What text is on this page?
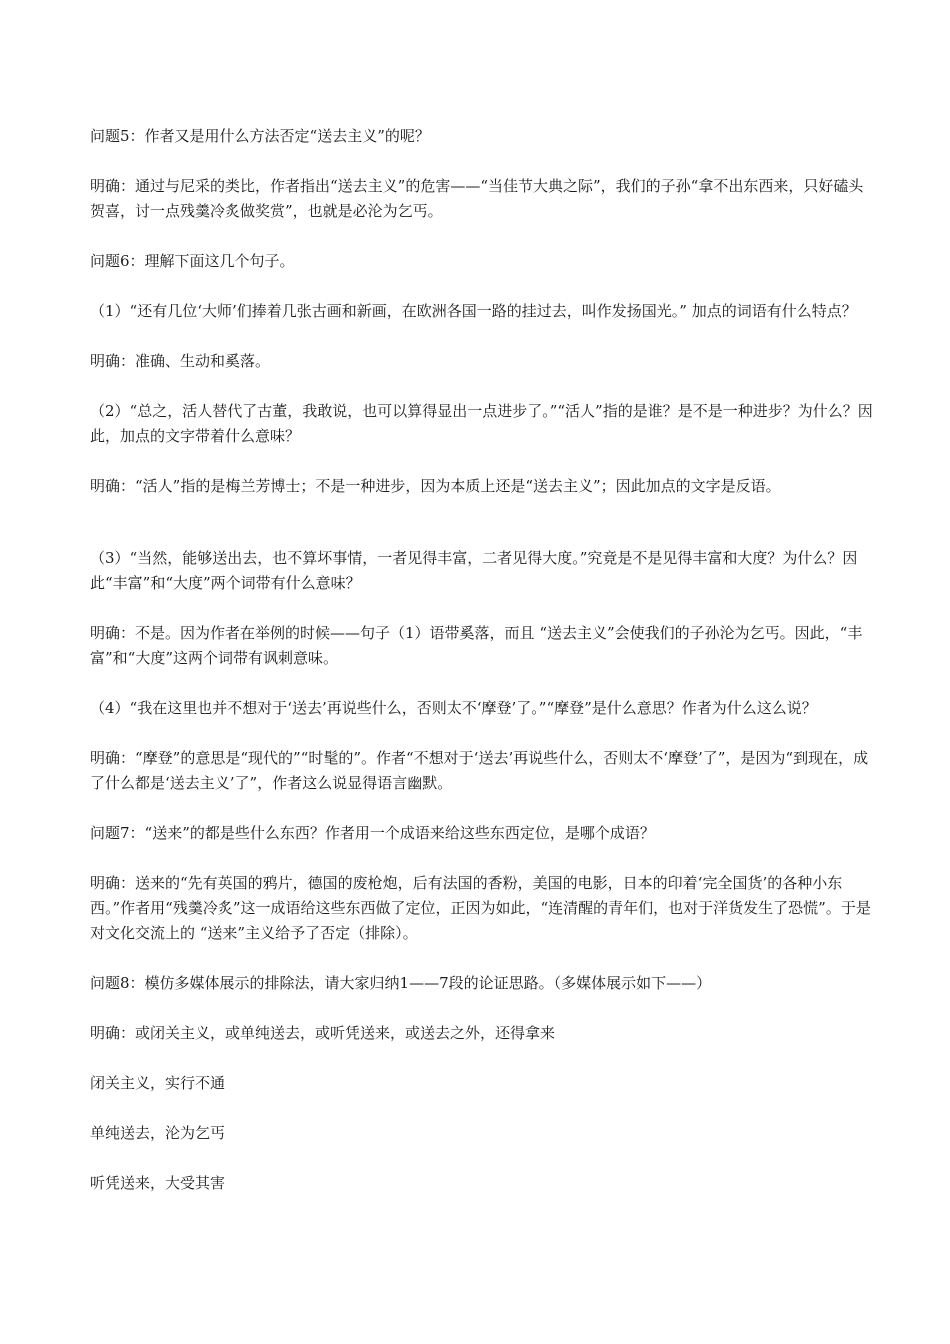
问题5：作者又是用什么方法否定“送去主义”的呢？

明确：通过与尼采的类比，作者指出“送去主义”的危害——“当佳节大典之际”，我们的子孙“拿不出东西来，只好磕头贺喜，讨一点残羹冷炙做奖赏”，也就是必沦为乞丐。

问题6：理解下面这几个句子。

（1）“还有几位‘大师’们捧着几张古画和新画，在欧洲各国一路的挂过去，叫作发扬国光。” 加点的词语有什么特点？

明确：准确、生动和奚落。

（2）“总之，活人替代了古董，我敢说，也可以算得显出一点进步了。”“活人”指的是谁？是不是一种进步？为什么？因此，加点的文字带着什么意味？

明确：“活人”指的是梅兰芳博士；不是一种进步，因为本质上还是“送去主义”；因此加点的文字是反语。

（3）“当然，能够送出去，也不算坏事情，一者见得丰富，二者见得大度。”究竟是不是见得丰富和大度？为什么？因此“丰富”和“大度”两个词带有什么意味？

明确：不是。因为作者在举例的时候——句子（1）语带奚落，而且 “送去主义”会使我们的子孙沦为乞丐。因此，“丰富”和“大度”这两个词带有讽刺意味。

（4）“我在这里也并不想对于‘送去’再说些什么，否则太不‘摩登’了。”“摩登”是什么意思？作者为什么这么说？

明确：“摩登”的意思是“现代的”“时髦的”。作者“不想对于‘送去’再说些什么，否则太不‘摩登’了”，是因为“到现在，成了什么都是‘送去主义’了”，作者这么说显得语言幽默。

问题7：“送来”的都是些什么东西？作者用一个成语来给这些东西定位，是哪个成语？

明确：送来的“先有英国的鸦片，德国的废枪炮，后有法国的香粉，美国的电影，日本的印着‘完全国货’的各种小东西。”作者用“残羹冷炙”这一成语给这些东西做了定位，正因为如此，“连清醒的青年们，也对于洋货发生了恐慌”。于是对文化交流上的 “送来”主义给予了否定（排除）。

问题8：模仿多媒体展示的排除法，请大家归纳1——7段的论证思路。（多媒体展示如下——）

明确：或闭关主义，或单纯送去，或听凭送来，或送去之外，还得拿来

闭关主义，实行不通

单纯送去，沦为乞丐

听凭送来，大受其害
